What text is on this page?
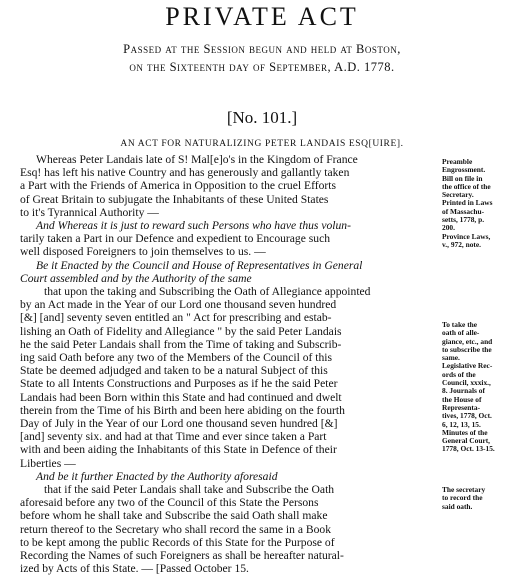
PRIVATE ACT
Passed at the Session begun and held at Boston,
on the Sixteenth day of September, A.D. 1778.
[No. 101.]
AN ACT FOR NATURALIZING PETER LANDAIS ESQ[UIRE].

Whereas Peter Landais late of S! Mal[e]o's in the Kingdom of France
Esq! has left his native Country and has generously and gallantly taken
a Part with the Friends of America in Opposition to the cruel Efforts
of Great Britain to subjugate the Inhabitants of these United States
to it's Tyrannical Authority —

And Whereas it is just to reward such Persons who have thus volun-
tarily taken a Part in our Defence and expedient to Encourage such
well disposed Foreigners to join themselves to us. —

Be it Enacted by the Council and House of Representatives in General
Court assembled and by the Authority of the same

that upon the taking and Subscribing the Oath of Allegiance appointed
by an Act made in the Year of our Lord one thousand seven hundred
[&] [and] seventy seven entitled an " Act for prescribing and estab-
lishing an Oath of Fidelity and Allegiance " by the said Peter Landais
he the said Peter Landais shall from the Time of taking and Subscrib-
ing said Oath before any two of the Members of the Council of this
State be deemed adjudged and taken to be a natural Subject of this
State to all Intents Constructions and Purposes as if he the said Peter
Landais had been Born within this State and had continued and dwelt
therein from the Time of his Birth and been here abiding on the fourth
Day of July in the Year of our Lord one thousand seven hundred [&]
[and] seventy six. and had at that Time and ever since taken a Part
with and been aiding the Inhabitants of this State in Defence of their
Liberties —

And be it further Enacted by the Authority aforesaid

that if the said Peter Landais shall take and Subscribe the Oath
aforesaid before any two of the Council of this State the Persons
before whom he shall take and Subscribe the said Oath shall make
return thereof to the Secretary who shall record the same in a Book
to be kept among the public Records of this State for the Purpose of
Recording the Names of such Foreigners as shall be hereafter natural-
ized by Acts of this State. — [Passed October 15.

Preamble
Engrossment.
Bill on file in
the office of the
Secretary.
Printed in Laws
of Massachu-
setts, 1778, p.
200.
Province Laws,
v., 972, note.
To take the
oath of alle-
giance, etc., and
to subscribe the
same.
Legislative Rec-
ords of the
Council, xxxix.,
8. Journals of
the House of
Representa-
tives, 1778, Oct.
6, 12, 13, 15.
Minutes of the
General Court,
1778, Oct. 13-15.
The secretary
to record the
said oath.
